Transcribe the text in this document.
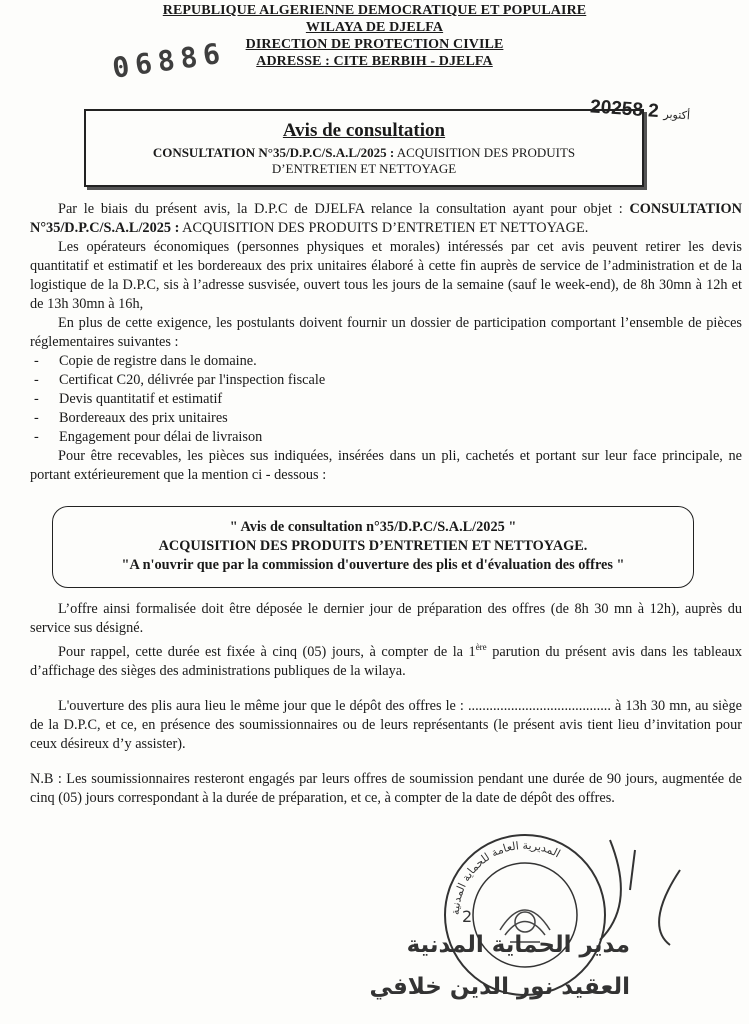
REPUBLIQUE ALGERIENNE DEMOCRATIQUE ET POPULAIRE
WILAYA DE DJELFA
DIRECTION DE PROTECTION CIVILE
ADRESSE : CITE BERBIH - DJELFA
06886
2025	أكتوبر2 8
Avis de consultation
CONSULTATION N°35/D.P.C/S.A.L/2025 : ACQUISITION DES PRODUITS
D’ENTRETIEN ET NETTOYAGE

Par le biais du présent avis, la D.P.C de DJELFA relance la consultation ayant pour objet : CONSULTATION N°35/D.P.C/S.A.L/2025 : ACQUISITION DES PRODUITS D’ENTRETIEN ET NETTOYAGE.

Les opérateurs économiques (personnes physiques et morales) intéressés par cet avis peuvent retirer les devis quantitatif et estimatif et les bordereaux des prix unitaires élaboré à cette fin auprès de service de l’administration et de la logistique de la D.P.C, sis à l’adresse susvisée, ouvert tous les jours de la semaine (sauf le week-end), de 8h 30mn à 12h et de 13h 30mn à 16h,

En plus de cette exigence, les postulants doivent fournir un dossier de participation comportant l’ensemble de pièces réglementaires suivantes :

- Copie de registre dans le domaine.
- Certificat C20, délivrée par l'inspection fiscale
- Devis quantitatif et estimatif
- Bordereaux des prix unitaires
- Engagement pour délai de livraison

Pour être recevables, les pièces sus indiquées, insérées dans un pli, cachetés et portant sur leur face principale, ne portant extérieurement que la mention ci - dessous :

" Avis de consultation n°35/D.P.C/S.A.L/2025 "
ACQUISITION DES PRODUITS D’ENTRETIEN ET NETTOYAGE.
"A n'ouvrir que par la commission d'ouverture des plis et d'évaluation des offres "

L’offre ainsi formalisée doit être déposée le dernier jour de préparation des offres (de 8h 30 mn à 12h), auprès du service sus désigné.

Pour rappel, cette durée est fixée à cinq (05) jours, à compter de la 1ère parution du présent avis dans les tableaux d’affichage des sièges des administrations publiques de la wilaya.

L'ouverture des plis aura lieu le même jour que le dépôt des offres le : ........................................ à 13h 30 mn, au siège de la D.P.C, et ce, en présence des soumissionnaires ou de leurs représentants (le présent avis tient lieu d’invitation pour ceux désireux d’y assister).

N.B : Les soumissionnaires resteront engagés par leurs offres de soumission pendant une durée de 90 jours, augmentée de cinq (05) jours correspondant à la durée de préparation, et ce, à compter de la date de dépôt des offres.

المديرية العامة للحماية المدنية
2
مدير الحماية المدنية
العقيد نور الدين خلافي
